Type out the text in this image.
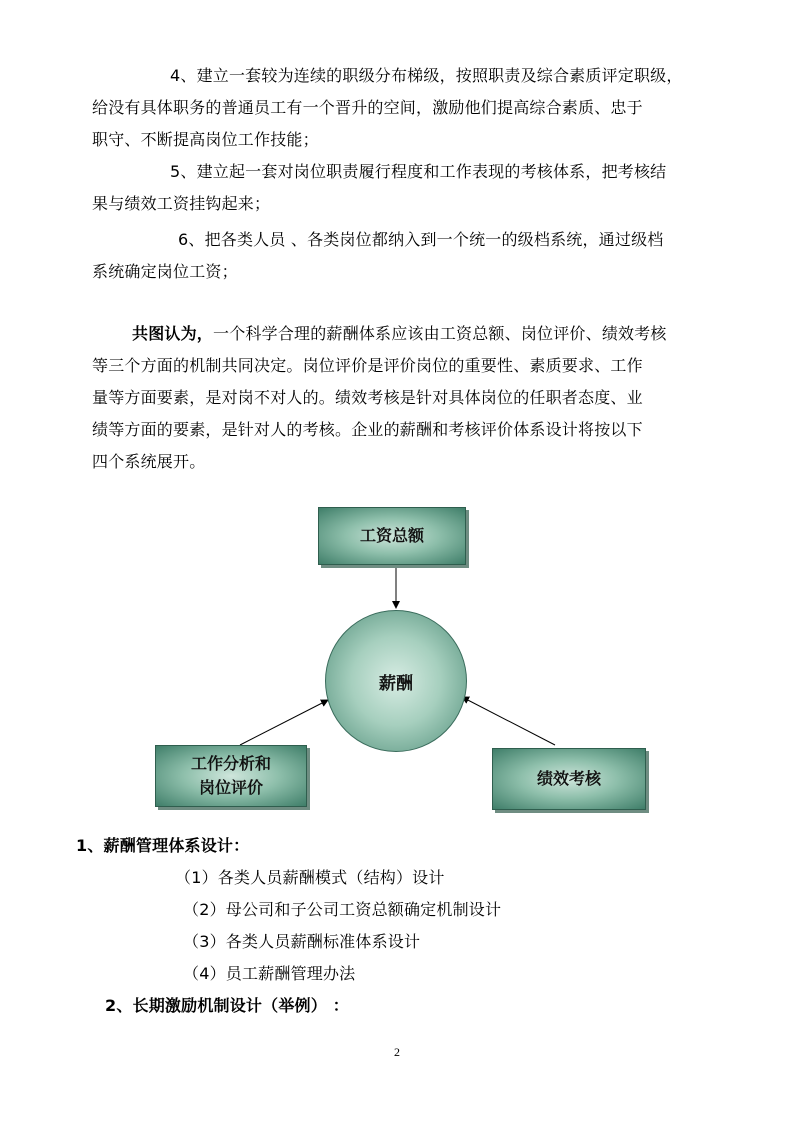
4、建立一套较为连续的职级分布梯级，按照职责及综合素质评定职级，
给没有具体职务的普通员工有一个晋升的空间，激励他们提高综合素质、忠于
职守、不断提高岗位工作技能；
5、建立起一套对岗位职责履行程度和工作表现的考核体系，把考核结
果与绩效工资挂钩起来；
6、把各类人员 、各类岗位都纳入到一个统一的级档系统，通过级档
系统确定岗位工资；
共图认为，一个科学合理的薪酬体系应该由工资总额、岗位评价、绩效考核
等三个方面的机制共同决定。岗位评价是评价岗位的重要性、素质要求、工作
量等方面要素，是对岗不对人的。绩效考核是针对具体岗位的任职者态度、业
绩等方面的要素，是针对人的考核。企业的薪酬和考核评价体系设计将按以下
四个系统展开。
工资总额
薪酬
工作分析和
岗位评价	绩效考核
1、薪酬管理体系设计：
（1）各类人员薪酬模式（结构）设计
（2）母公司和子公司工资总额确定机制设计
（3）各类人员薪酬标准体系设计
（4）员工薪酬管理办法
2、长期激励机制设计（举例） ：
2
